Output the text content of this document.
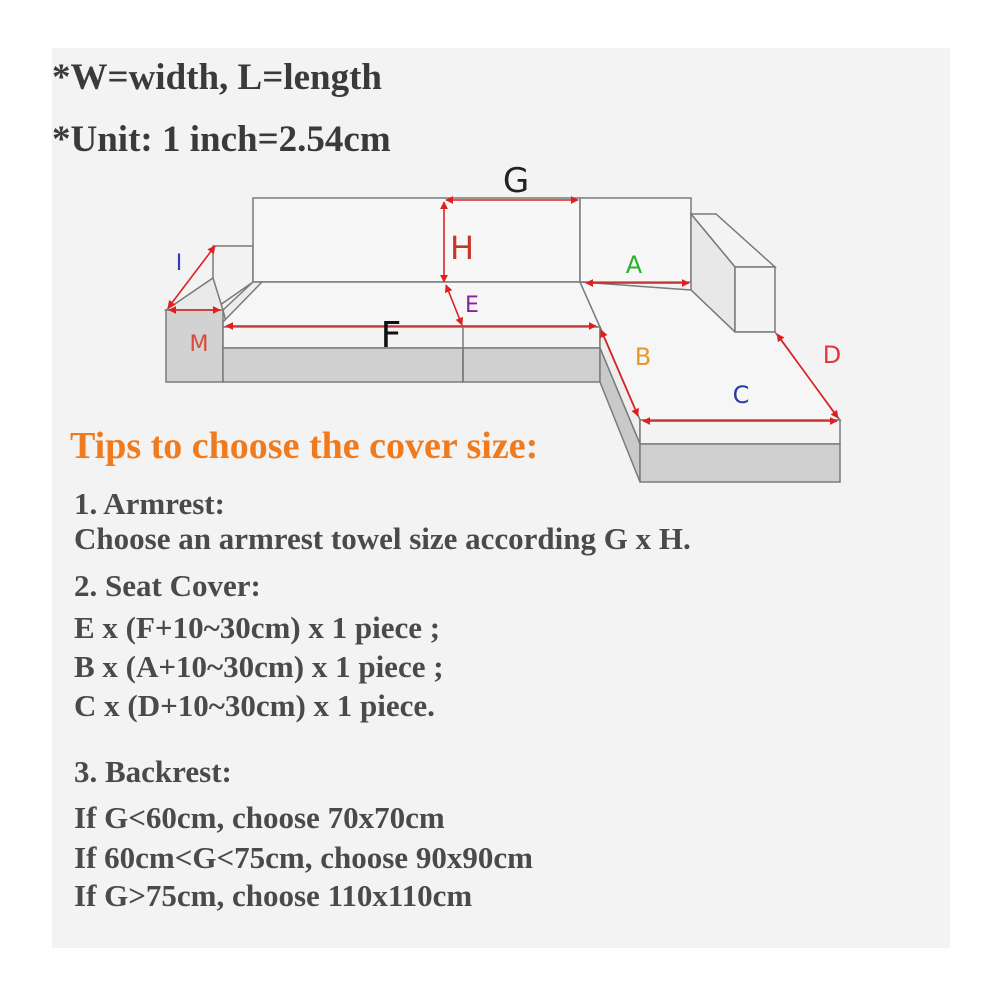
*W=width, L=length
*Unit: 1 inch=2.54cm
G
H
I	A
E
F
M	B	D
C
Tips to choose the cover size:
1. Armrest:
Choose an armrest towel size according G x H.
2. Seat Cover:
E x (F+10~30cm) x 1 piece ;
B x (A+10~30cm) x 1 piece ;
C x (D+10~30cm) x 1 piece.
3. Backrest:
If G<60cm, choose 70x70cm
If 60cm<G<75cm, choose 90x90cm
If G>75cm, choose 110x110cm
